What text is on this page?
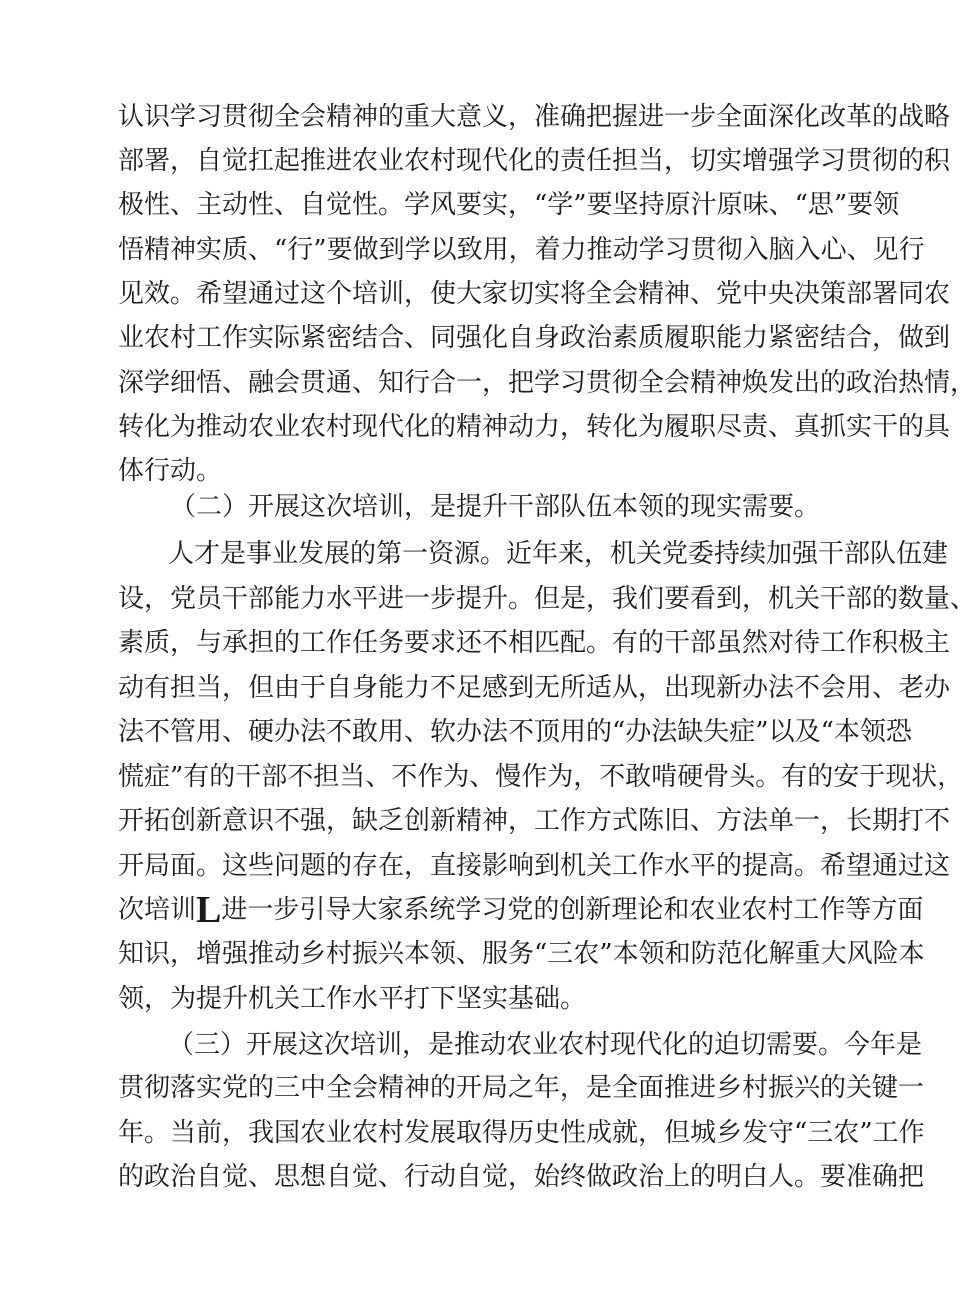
认识学习贯彻全会精神的重大意义，准确把握进一步全面深化改革的战略
部署，自觉扛起推进农业农村现代化的责任担当，切实增强学习贯彻的积
极性、主动性、自觉性。学风要实，“学”要坚持原汁原味、“思”要领
悟精神实质、“行”要做到学以致用，着力推动学习贯彻入脑入心、见行
见效。希望通过这个培训，使大家切实将全会精神、党中央决策部署同农
业农村工作实际紧密结合、同强化自身政治素质履职能力紧密结合，做到
深学细悟、融会贯通、知行合一，把学习贯彻全会精神焕发出的政治热情，
转化为推动农业农村现代化的精神动力，转化为履职尽责、真抓实干的具
体行动。
（二）开展这次培训，是提升干部队伍本领的现实需要。
人才是事业发展的第一资源。近年来，机关党委持续加强干部队伍建
设，党员干部能力水平进一步提升。但是，我们要看到，机关干部的数量、
素质，与承担的工作任务要求还不相匹配。有的干部虽然对待工作积极主
动有担当，但由于自身能力不足感到无所适从，出现新办法不会用、老办
法不管用、硬办法不敢用、软办法不顶用的“办法缺失症”以及“本领恐
慌症”有的干部不担当、不作为、慢作为，不敢啃硬骨头。有的安于现状，
开拓创新意识不强，缺乏创新精神，工作方式陈旧、方法单一，长期打不
开局面。这些问题的存在，直接影响到机关工作水平的提高。希望通过这
次培训L进一步引导大家系统学习党的创新理论和农业农村工作等方面
知识，增强推动乡村振兴本领、服务“三农”本领和防范化解重大风险本
领，为提升机关工作水平打下坚实基础。
（三）开展这次培训，是推动农业农村现代化的迫切需要。今年是
贯彻落实党的三中全会精神的开局之年，是全面推进乡村振兴的关键一
年。当前，我国农业农村发展取得历史性成就，但城乡发守“三农”工作
的政治自觉、思想自觉、行动自觉，始终做政治上的明白人。要准确把
